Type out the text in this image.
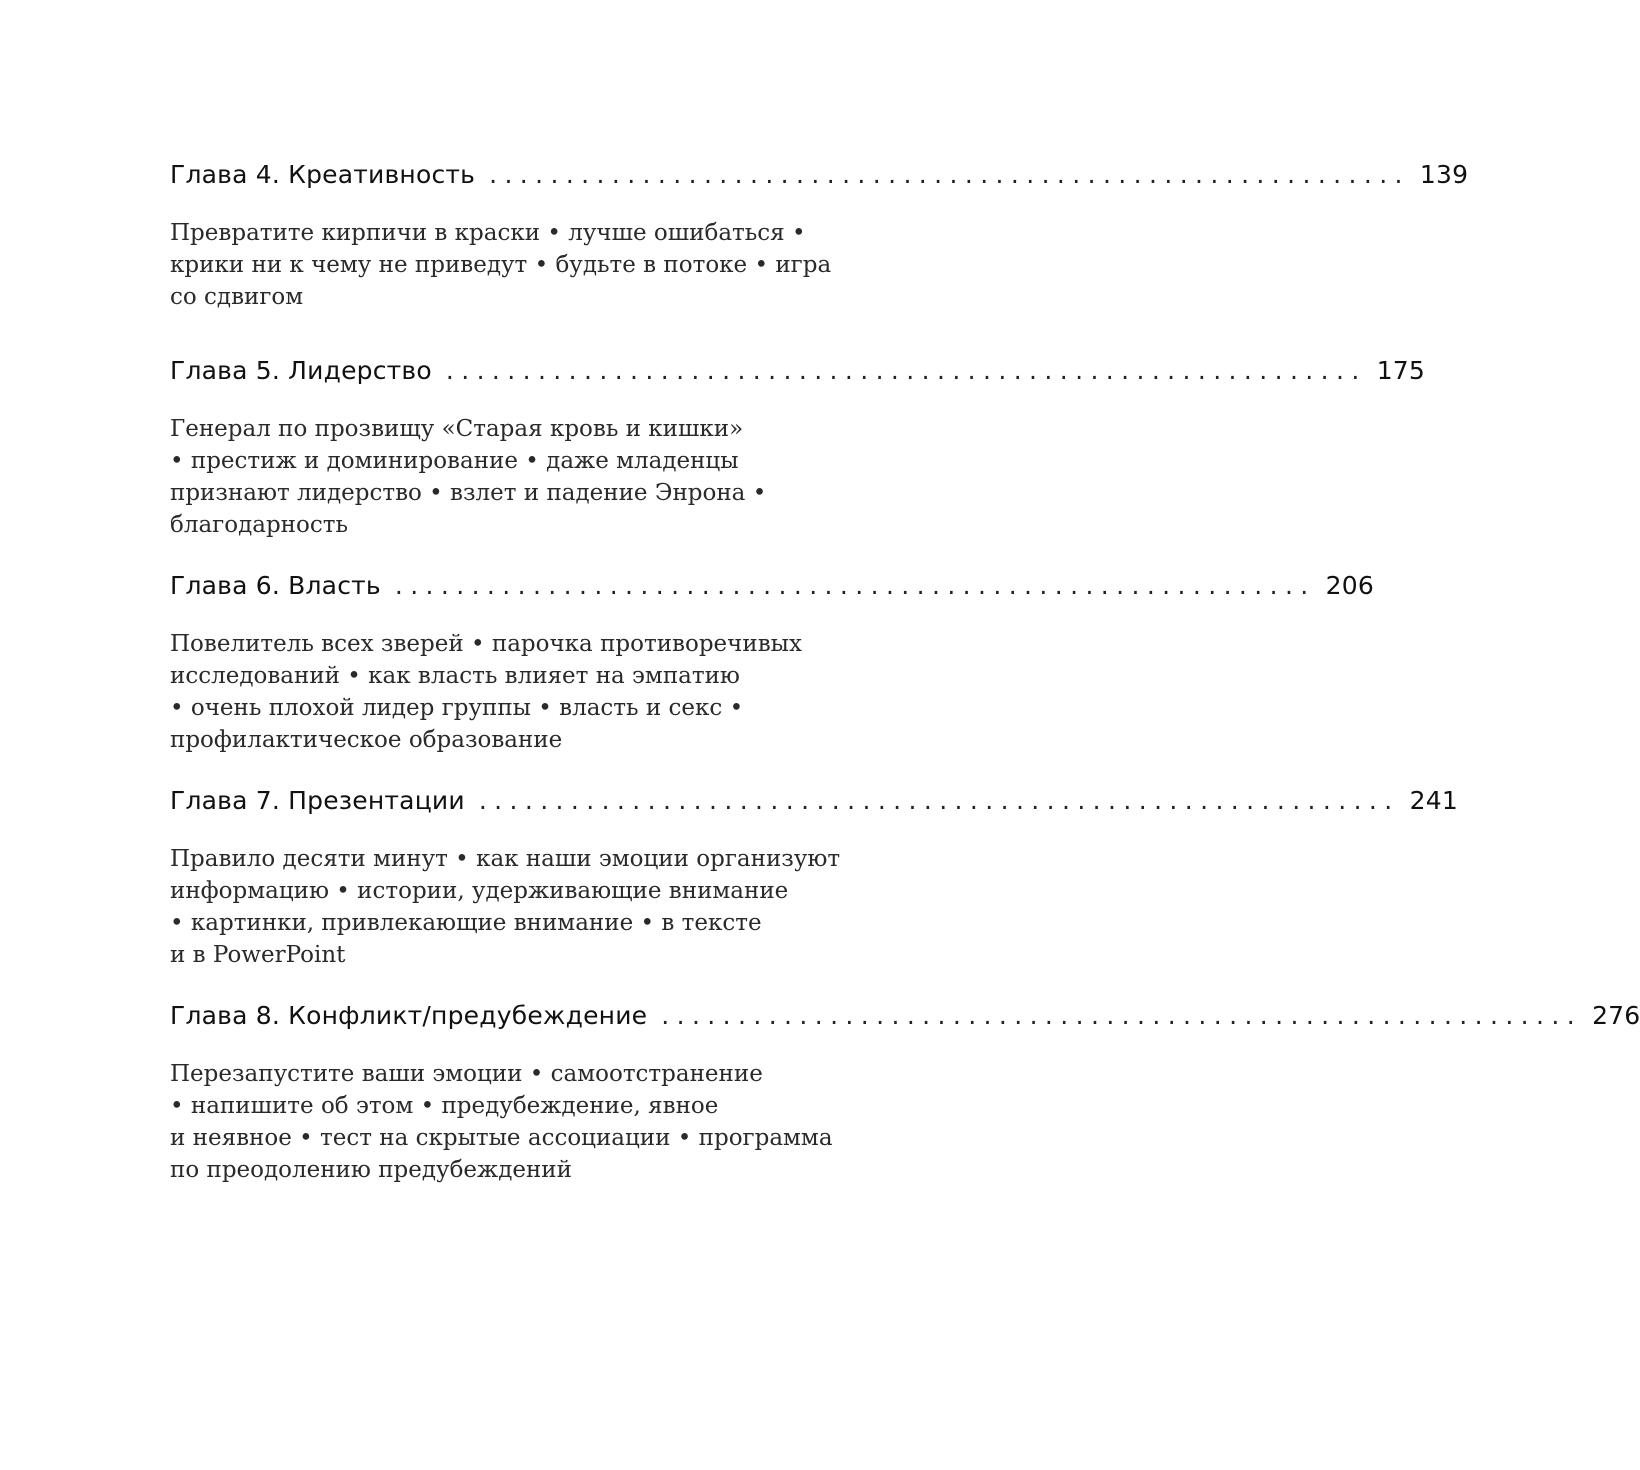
Глава 4. Креативность ............................................................ 139
Превратите кирпичи в краски • лучше ошибаться •
крики ни к чему не приведут • будьте в потоке • игра
со сдвигом
Глава 5. Лидерство ............................................................ 175
Генерал по прозвищу «Старая кровь и кишки»
• престиж и доминирование • даже младенцы
признают лидерство • взлет и падение Энрона •
благодарность
Глава 6. Власть ............................................................ 206
Повелитель всех зверей • парочка противоречивых
исследований • как власть влияет на эмпатию
• очень плохой лидер группы • власть и секс •
профилактическое образование
Глава 7. Презентации ............................................................ 241
Правило десяти минут • как наши эмоции организуют
информацию • истории, удерживающие внимание
• картинки, привлекающие внимание • в тексте
и в PowerPoint
Глава 8. Конфликт/предубеждение ............................................................ 276
Перезапустите ваши эмоции • самоотстранение
• напишите об этом • предубеждение, явное
и неявное • тест на скрытые ассоциации • программа
по преодолению предубеждений
